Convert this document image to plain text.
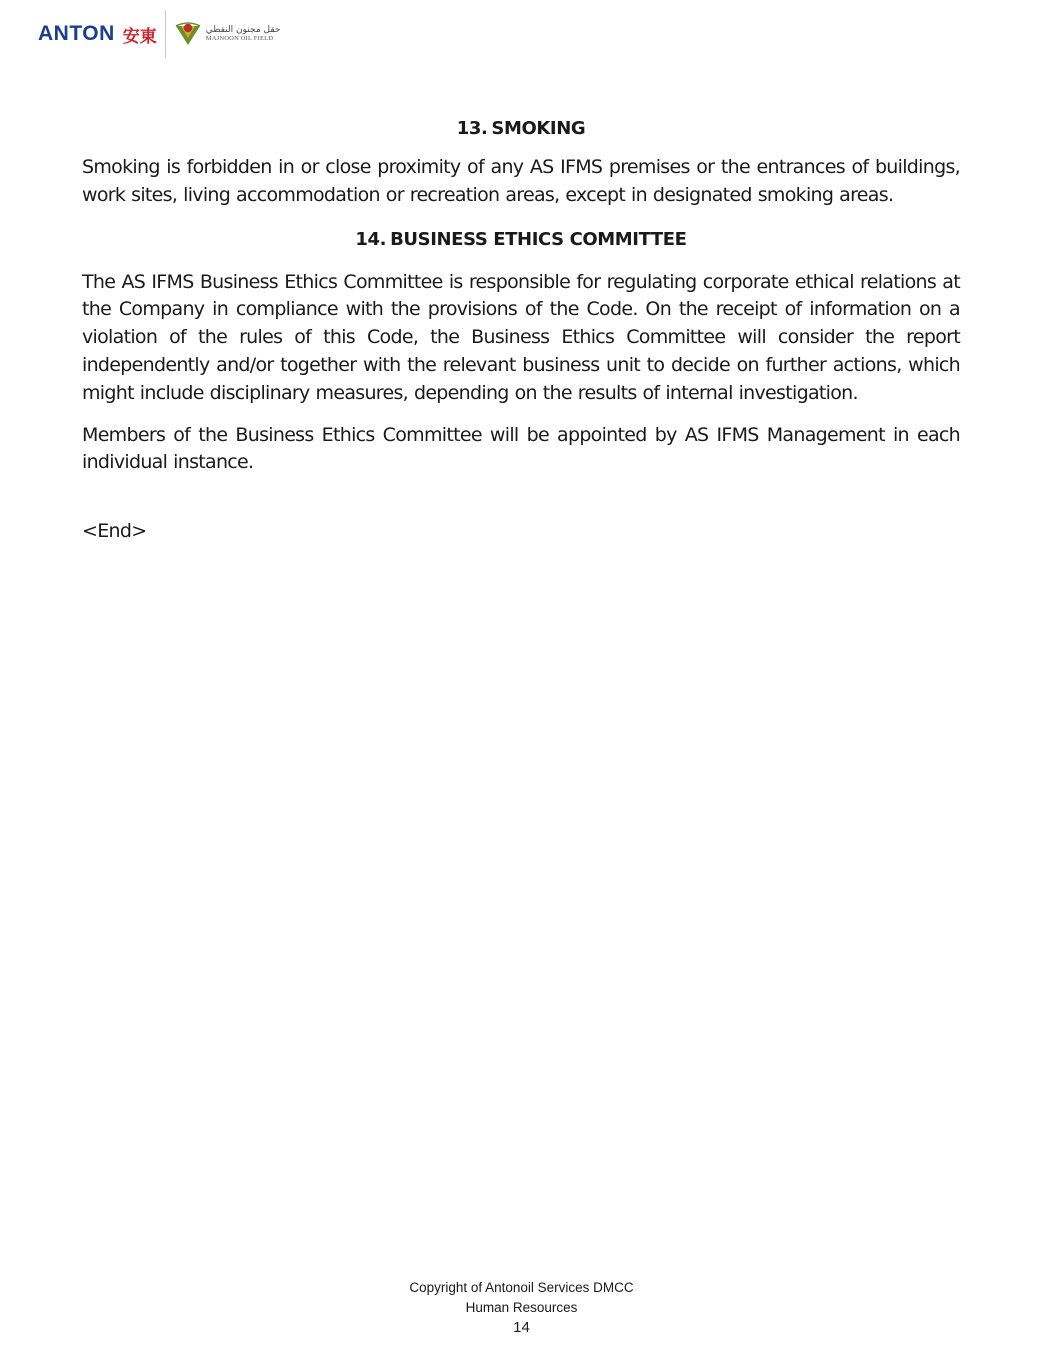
ANTON 安東	حقل مجنون النفطي
MAJNOON OIL FIELD
13. SMOKING

Smoking is forbidden in or close proximity of any AS IFMS premises or the entrances of buildings, work sites, living accommodation or recreation areas, except in designated smoking areas.

14. BUSINESS ETHICS COMMITTEE

The AS IFMS Business Ethics Committee is responsible for regulating corporate ethical relations at the Company in compliance with the provisions of the Code. On the receipt of information on a violation of the rules of this Code, the Business Ethics Committee will consider the report independently and/or together with the relevant business unit to decide on further actions, which might include disciplinary measures, depending on the results of internal investigation.

Members of the Business Ethics Committee will be appointed by AS IFMS Management in each individual instance.

<End>

Copyright of Antonoil Services DMCC
Human Resources
14
